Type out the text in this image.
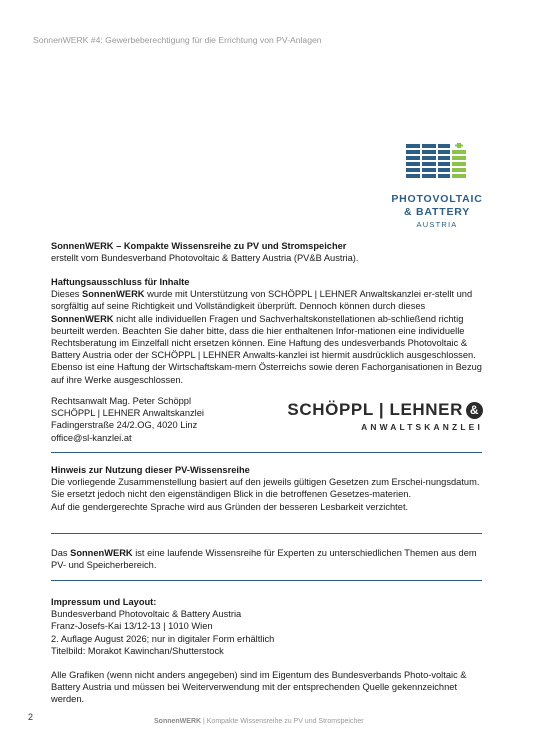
SonnenWERK #4: Gewerbeberechtigung für die Errichtung von PV-Anlagen
PHOTOVOLTAIC
& BATTERY
AUSTRIA

SonnenWERK – Kompakte Wissensreihe zu PV und Stromspeicher

erstellt vom Bundesverband Photovoltaic & Battery Austria (PV&B Austria).

Haftungsausschluss für Inhalte

Dieses SonnenWERK wurde mit Unterstützung von SCHÖPPL | LEHNER Anwaltskanzlei er-stellt und sorgfältig auf seine Richtigkeit und Vollständigkeit überprüft. Dennoch können durch dieses SonnenWERK nicht alle individuellen Fragen und Sachverhaltskonstellationen ab-schließend richtig beurteilt werden. Beachten Sie daher bitte, dass die hier enthaltenen Infor-mationen eine individuelle Rechtsberatung im Einzelfall nicht ersetzen können. Eine Haftung des undesverbands Photovoltaic & Battery Austria oder der SCHÖPPL | LEHNER Anwalts-kanzlei ist hiermit ausdrücklich ausgeschlossen. Ebenso ist eine Haftung der Wirtschaftskam-mern Österreichs sowie deren Fachorganisationen in Bezug auf ihre Werke ausgeschlossen.

Rechtsanwalt Mag. Peter Schöppl

SCHÖPPL | LEHNER Anwaltskanzlei

Fadingerstraße 24/2.OG, 4020 Linz

office@sl-kanzlei.at

SCHÖPPL | LEHNER &
ANWALTSKANZLEI

Hinweis zur Nutzung dieser PV-Wissensreihe

Die vorliegende Zusammenstellung basiert auf den jeweils gültigen Gesetzen zum Erschei-nungsdatum. Sie ersetzt jedoch nicht den eigenständigen Blick in die betroffenen Gesetzes-materien.

Auf die gendergerechte Sprache wird aus Gründen der besseren Lesbarkeit verzichtet.

Das SonnenWERK ist eine laufende Wissensreihe für Experten zu unterschiedlichen Themen aus dem PV- und Speicherbereich.

Impressum und Layout:

Bundesverband Photovoltaic & Battery Austria

Franz-Josefs-Kai 13/12-13 | 1010 Wien

2. Auflage August 2026; nur in digitaler Form erhältlich

Titelbild: Morakot Kawinchan/Shutterstock

Alle Grafiken (wenn nicht anders angegeben) sind im Eigentum des Bundesverbands Photo-voltaic & Battery Austria und müssen bei Weiterverwendung mit der entsprechenden Quelle gekennzeichnet werden.

2	SonnenWERK | Kompakte Wissensreihe zu PV und Stromspeicher
